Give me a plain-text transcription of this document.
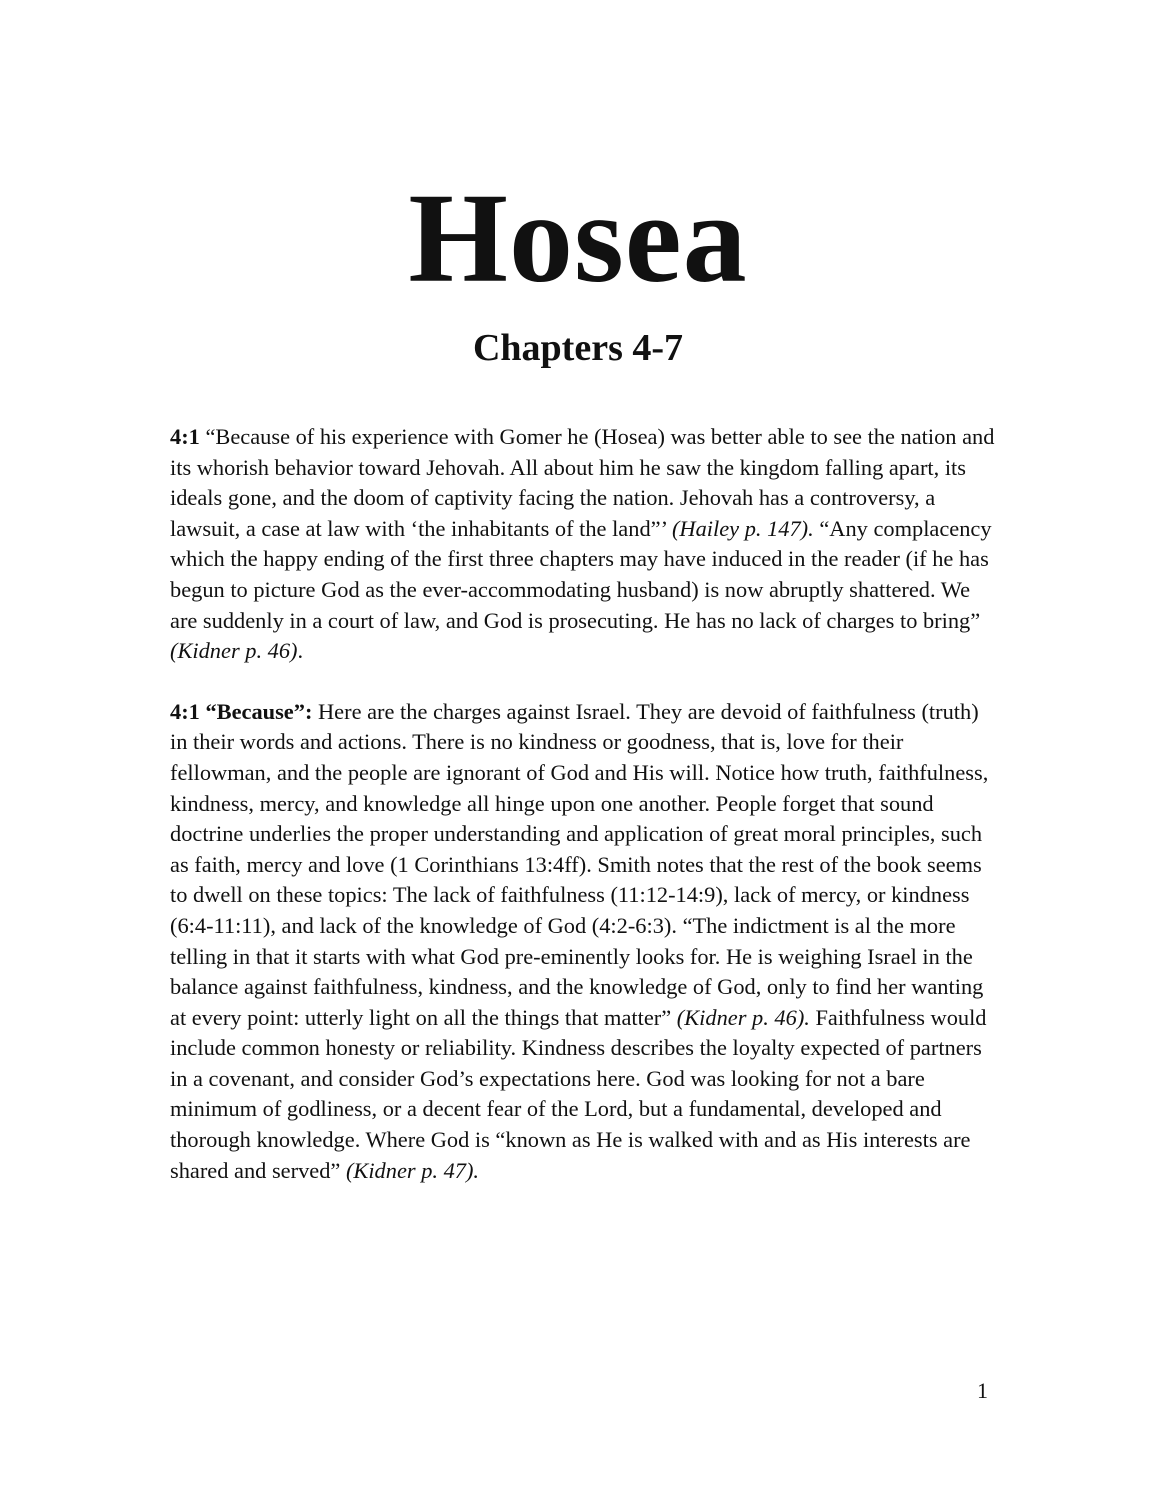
Hosea
Chapters 4-7

4:1 “Because of his experience with Gomer he (Hosea) was better able to see the nation and its whorish behavior toward Jehovah. All about him he saw the kingdom falling apart, its ideals gone, and the doom of captivity facing the nation. Jehovah has a controversy, a lawsuit, a case at law with ‘the inhabitants of the land”’ (Hailey p. 147). “Any complacency which the happy ending of the first three chapters may have induced in the reader (if he has begun to picture God as the ever-accommodating husband) is now abruptly shattered. We are suddenly in a court of law, and God is prosecuting. He has no lack of charges to bring” (Kidner p. 46).

4:1 “Because”: Here are the charges against Israel. They are devoid of faithfulness (truth) in their words and actions. There is no kindness or goodness, that is, love for their fellowman, and the people are ignorant of God and His will. Notice how truth, faithfulness, kindness, mercy, and knowledge all hinge upon one another. People forget that sound doctrine underlies the proper understanding and application of great moral principles, such as faith, mercy and love (1 Corinthians 13:4ff). Smith notes that the rest of the book seems to dwell on these topics: The lack of faithfulness (11:12-14:9), lack of mercy, or kindness (6:4-11:11), and lack of the knowledge of God (4:2-6:3). “The indictment is al the more telling in that it starts with what God pre-eminently looks for. He is weighing Israel in the balance against faithfulness, kindness, and the knowledge of God, only to find her wanting at every point: utterly light on all the things that matter” (Kidner p. 46). Faithfulness would include common honesty or reliability. Kindness describes the loyalty expected of partners in a covenant, and consider God’s expectations here. God was looking for not a bare minimum of godliness, or a decent fear of the Lord, but a fundamental, developed and thorough knowledge. Where God is “known as He is walked with and as His interests are shared and served” (Kidner p. 47).

1
